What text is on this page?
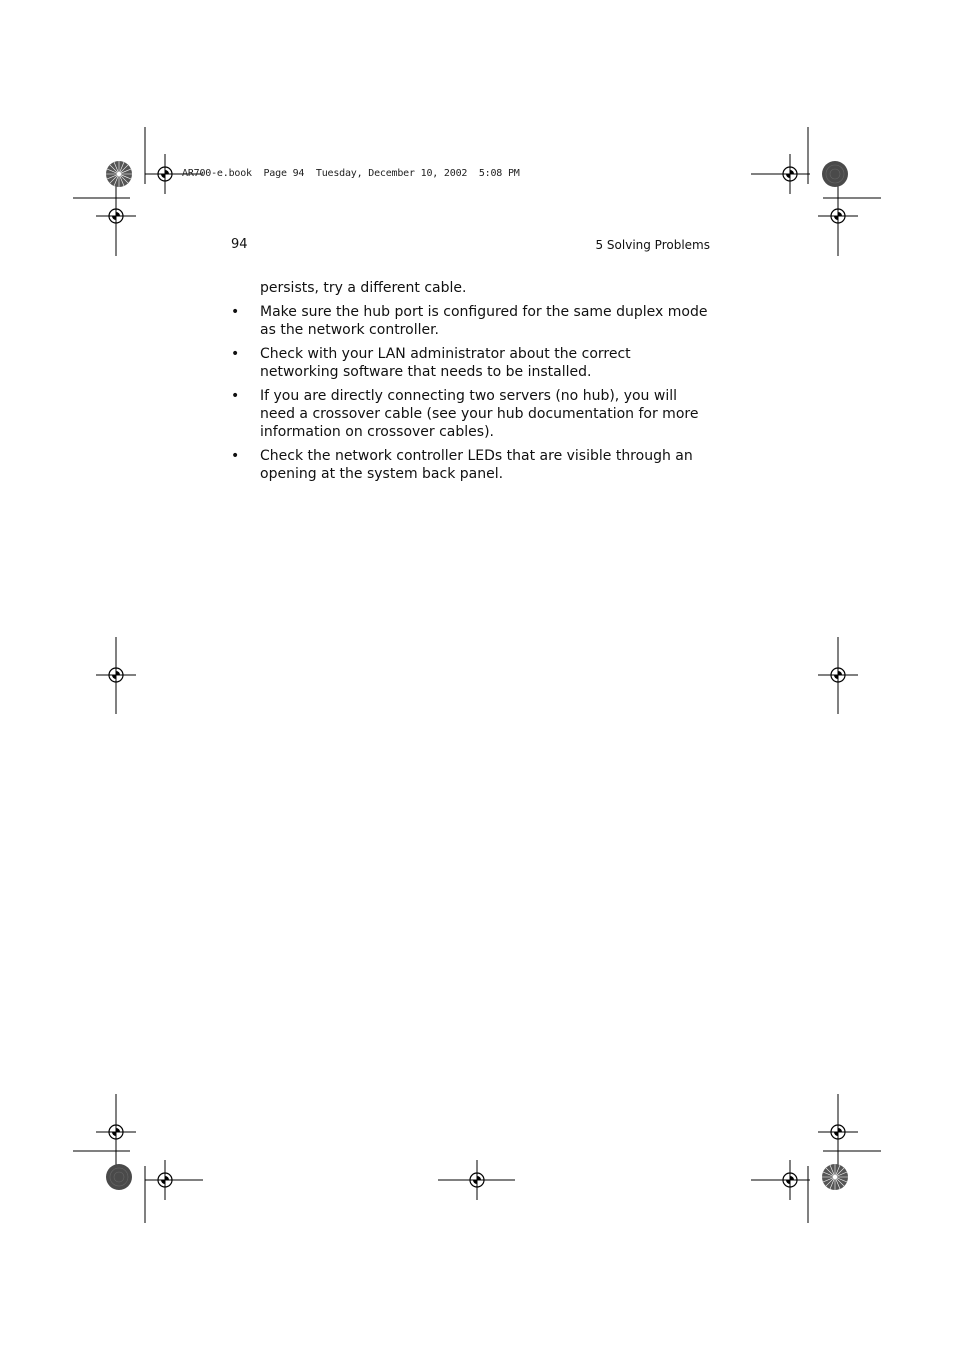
AR700-e.book  Page 94  Tuesday, December 10, 2002  5:08 PM
94	5 Solving Problems

persists, try a different cable.

• Make sure the hub port is configured for the same duplex mode as the network controller.
• Check with your LAN administrator about the correct networking software that needs to be installed.
• If you are directly connecting two servers (no hub), you will need a crossover cable (see your hub documentation for more information on crossover cables).
• Check the network controller LEDs that are visible through an opening at the system back panel.
